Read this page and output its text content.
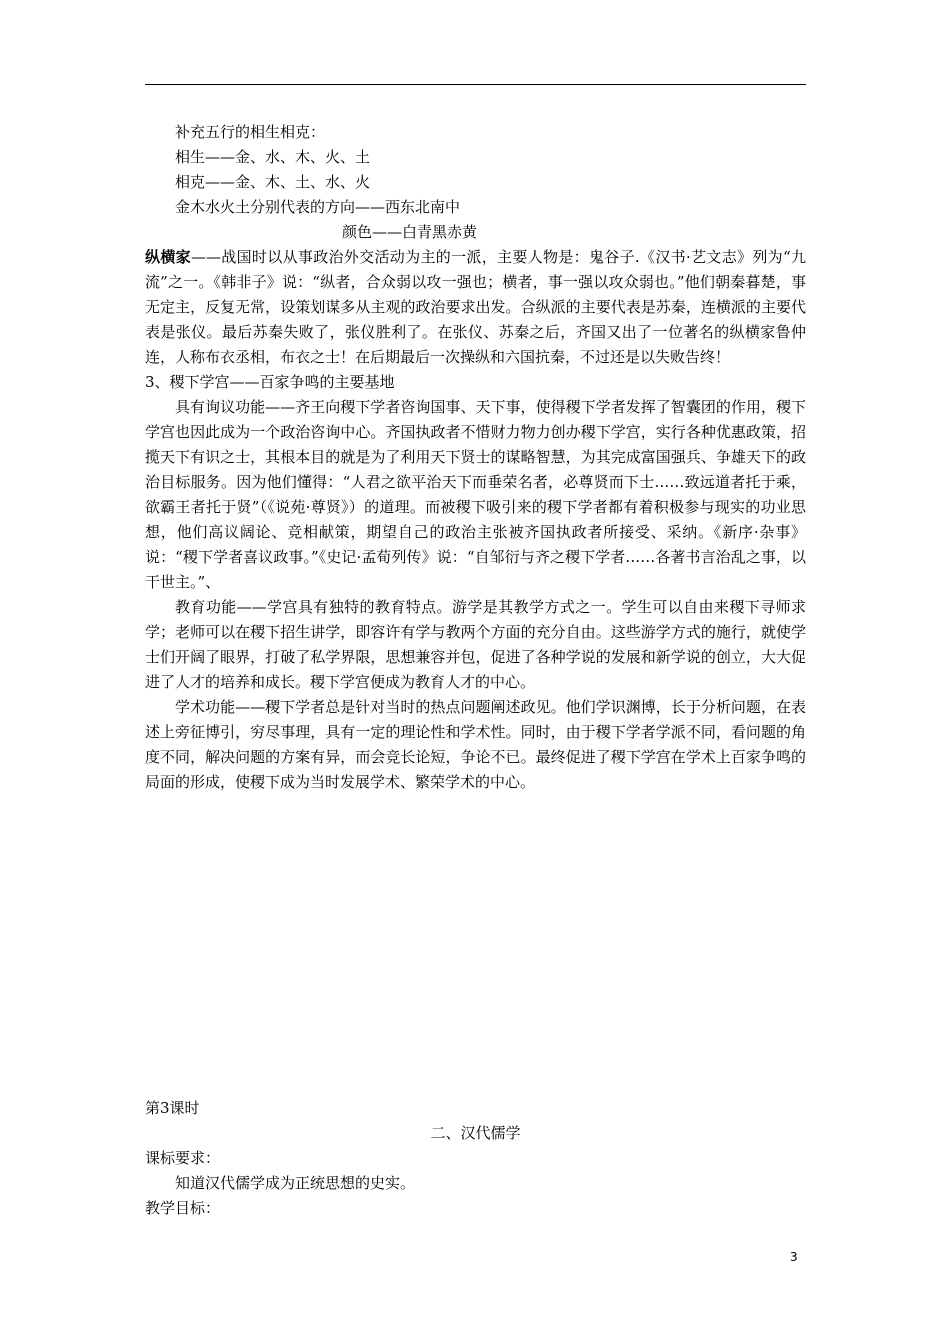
补充五行的相生相克：
相生——金、水、木、火、土
相克——金、木、土、水、火
金木水火土分别代表的方向——西东北南中
颜色——白青黑赤黄

纵横家——战国时以从事政治外交活动为主的一派，主要人物是：鬼谷子.《汉书·艺文志》列为“九流”之一。《韩非子》说：“纵者，合众弱以攻一强也；横者，事一强以攻众弱也。”他们朝秦暮楚，事无定主，反复无常，设策划谋多从主观的政治要求出发。合纵派的主要代表是苏秦，连横派的主要代表是张仪。最后苏秦失败了，张仪胜利了。在张仪、苏秦之后，齐国又出了一位著名的纵横家鲁仲连，人称布衣丞相，布衣之士！在后期最后一次操纵和六国抗秦，不过还是以失败告终！

3、稷下学宫——百家争鸣的主要基地

具有询议功能——齐王向稷下学者咨询国事、天下事，使得稷下学者发挥了智囊团的作用，稷下学宫也因此成为一个政治咨询中心。齐国执政者不惜财力物力创办稷下学宫，实行各种优惠政策，招揽天下有识之士，其根本目的就是为了利用天下贤士的谋略智慧，为其完成富国强兵、争雄天下的政治目标服务。因为他们懂得：“人君之欲平治天下而垂荣名者，必尊贤而下士……致远道者托于乘，欲霸王者托于贤”（《说苑·尊贤》）的道理。而被稷下吸引来的稷下学者都有着积极参与现实的功业思想，他们高议阔论、竞相献策，期望自己的政治主张被齐国执政者所接受、采纳。《新序·杂事》说：“稷下学者喜议政事。”《史记·孟荀列传》说：“自邹衍与齐之稷下学者……各著书言治乱之事，以干世主。”、

教育功能——学宫具有独特的教育特点。游学是其教学方式之一。学生可以自由来稷下寻师求学；老师可以在稷下招生讲学，即容许有学与教两个方面的充分自由。这些游学方式的施行，就使学士们开阔了眼界，打破了私学界限，思想兼容并包，促进了各种学说的发展和新学说的创立，大大促进了人才的培养和成长。稷下学宫便成为教育人才的中心。

学术功能——稷下学者总是针对当时的热点问题阐述政见。他们学识渊博，长于分析问题，在表述上旁征博引，穷尽事理，具有一定的理论性和学术性。同时，由于稷下学者学派不同，看问题的角度不同，解决问题的方案有异，而会竞长论短，争论不已。最终促进了稷下学宫在学术上百家争鸣的局面的形成，使稷下成为当时发展学术、繁荣学术的中心。

第3课时
二、汉代儒学
课标要求：
知道汉代儒学成为正统思想的史实。
教学目标：
3
